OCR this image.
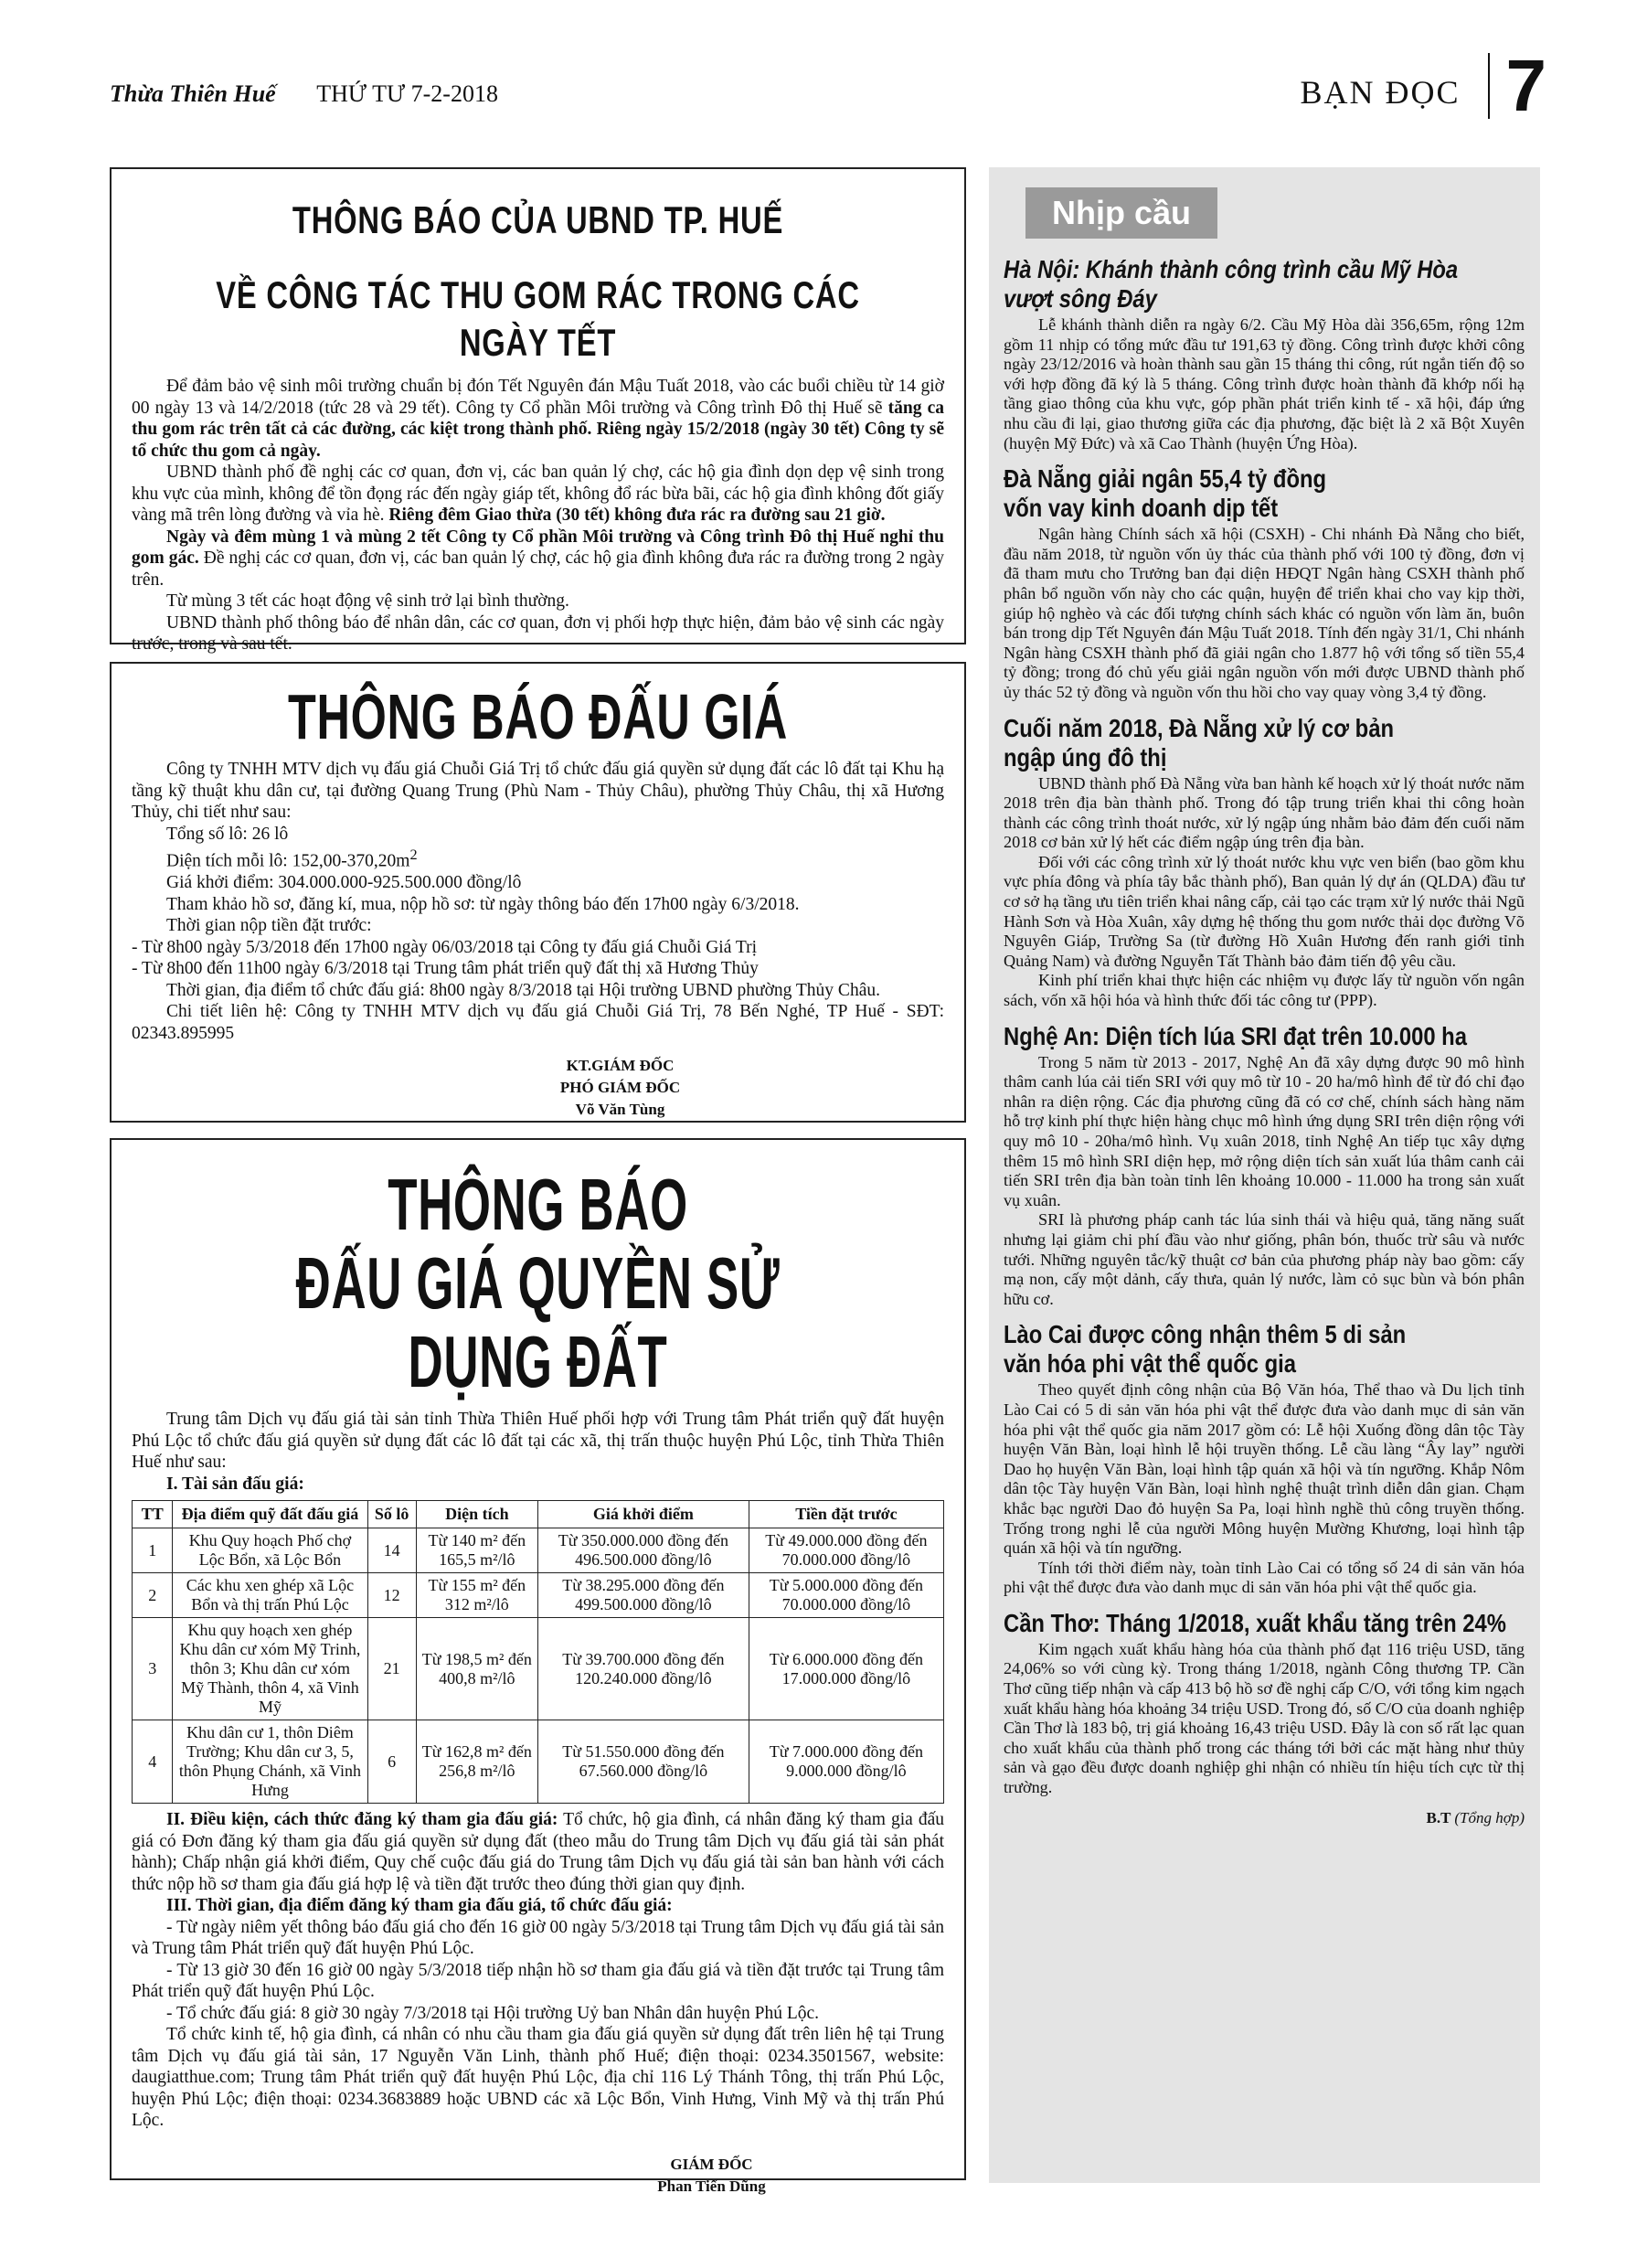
Thừa Thiên Huế THỨ TƯ 7-2-2018	BẠN ĐỌC 7
THÔNG BÁO CỦA UBND TP. HUẾ
VỀ CÔNG TÁC THU GOM RÁC TRONG CÁC NGÀY TẾT

Để đảm bảo vệ sinh môi trường chuẩn bị đón Tết Nguyên đán Mậu Tuất 2018, vào các buổi chiều từ 14 giờ 00 ngày 13 và 14/2/2018 (tức 28 và 29 tết). Công ty Cổ phần Môi trường và Công trình Đô thị Huế sẽ tăng ca thu gom rác trên tất cả các đường, các kiệt trong thành phố. Riêng ngày 15/2/2018 (ngày 30 tết) Công ty sẽ tổ chức thu gom cả ngày.

UBND thành phố đề nghị các cơ quan, đơn vị, các ban quản lý chợ, các hộ gia đình dọn dẹp vệ sinh trong khu vực của mình, không để tồn đọng rác đến ngày giáp tết, không đổ rác bừa bãi, các hộ gia đình không đốt giấy vàng mã trên lòng đường và vỉa hè. Riêng đêm Giao thừa (30 tết) không đưa rác ra đường sau 21 giờ.

Ngày và đêm mùng 1 và mùng 2 tết Công ty Cổ phần Môi trường và Công trình Đô thị Huế nghỉ thu gom gác. Đề nghị các cơ quan, đơn vị, các ban quản lý chợ, các hộ gia đình không đưa rác ra đường trong 2 ngày trên.

Từ mùng 3 tết các hoạt động vệ sinh trở lại bình thường.

UBND thành phố thông báo để nhân dân, các cơ quan, đơn vị phối hợp thực hiện, đảm bảo vệ sinh các ngày trước, trong và sau tết.

THÔNG BÁO ĐẤU GIÁ

Công ty TNHH MTV dịch vụ đấu giá Chuỗi Giá Trị tổ chức đấu giá quyền sử dụng đất các lô đất tại Khu hạ tầng kỹ thuật khu dân cư, tại đường Quang Trung (Phù Nam - Thủy Châu), phường Thủy Châu, thị xã Hương Thủy, chi tiết như sau:

Tổng số lô: 26 lô

Diện tích mỗi lô: $152,00-370,20m^2$

Giá khởi điểm: 304.000.000-925.500.000 đồng/lô

Tham khảo hồ sơ, đăng kí, mua, nộp hồ sơ: từ ngày thông báo đến 17h00 ngày 6/3/2018.

Thời gian nộp tiền đặt trước:

- Từ 8h00 ngày 5/3/2018 đến 17h00 ngày 06/03/2018 tại Công ty đấu giá Chuỗi Giá Trị

- Từ 8h00 đến 11h00 ngày 6/3/2018 tại Trung tâm phát triển quỹ đất thị xã Hương Thủy

Thời gian, địa điểm tổ chức đấu giá: 8h00 ngày 8/3/2018 tại Hội trường UBND phường Thủy Châu.

Chi tiết liên hệ: Công ty TNHH MTV dịch vụ đấu giá Chuỗi Giá Trị, 78 Bến Nghé, TP Huế - SĐT: 02343.895995

KT.GIÁM ĐỐC
PHÓ GIÁM ĐỐC
Võ Văn Tùng
THÔNG BÁO
ĐẤU GIÁ QUYỀN SỬ DỤNG ĐẤT

Trung tâm Dịch vụ đấu giá tài sản tỉnh Thừa Thiên Huế phối hợp với Trung tâm Phát triển quỹ đất huyện Phú Lộc tổ chức đấu giá quyền sử dụng đất các lô đất tại các xã, thị trấn thuộc huyện Phú Lộc, tỉnh Thừa Thiên Huế như sau:

I. Tài sản đấu giá:

TT	Địa điểm quỹ đất đấu giá	Số lô	Diện tích	Giá khởi điểm	Tiền đặt trước
1	Khu Quy hoạch Phố chợ Lộc Bổn, xã Lộc Bổn	14	Từ 140 m² đến 165,5 m²/lô	Từ 350.000.000 đồng đến 496.500.000 đồng/lô	Từ 49.000.000 đồng đến 70.000.000 đồng/lô
2	Các khu xen ghép xã Lộc Bổn và thị trấn Phú Lộc	12	Từ 155 m² đến 312 m²/lô	Từ 38.295.000 đồng đến 499.500.000 đồng/lô	Từ 5.000.000 đồng đến 70.000.000 đồng/lô
3	Khu quy hoạch xen ghép Khu dân cư xóm Mỹ Trinh, thôn 3; Khu dân cư xóm Mỹ Thành, thôn 4, xã Vinh Mỹ	21	Từ 198,5 m² đến 400,8 m²/lô	Từ 39.700.000 đồng đến 120.240.000 đồng/lô	Từ 6.000.000 đồng đến 17.000.000 đồng/lô
4	Khu dân cư 1, thôn Diêm Trường; Khu dân cư 3, 5, thôn Phụng Chánh, xã Vinh Hưng	6	Từ 162,8 m² đến 256,8 m²/lô	Từ 51.550.000 đồng đến 67.560.000 đồng/lô	Từ 7.000.000 đồng đến 9.000.000 đồng/lô

II. Điều kiện, cách thức đăng ký tham gia đấu giá: Tổ chức, hộ gia đình, cá nhân đăng ký tham gia đấu giá có Đơn đăng ký tham gia đấu giá quyền sử dụng đất (theo mẫu do Trung tâm Dịch vụ đấu giá tài sản phát hành); Chấp nhận giá khởi điểm, Quy chế cuộc đấu giá do Trung tâm Dịch vụ đấu giá tài sản ban hành với cách thức nộp hồ sơ tham gia đấu giá hợp lệ và tiền đặt trước theo đúng thời gian quy định.

III. Thời gian, địa điểm đăng ký tham gia đấu giá, tổ chức đấu giá:

- Từ ngày niêm yết thông báo đấu giá cho đến 16 giờ 00 ngày 5/3/2018 tại Trung tâm Dịch vụ đấu giá tài sản và Trung tâm Phát triển quỹ đất huyện Phú Lộc.

- Từ 13 giờ 30 đến 16 giờ 00 ngày 5/3/2018 tiếp nhận hồ sơ tham gia đấu giá và tiền đặt trước tại Trung tâm Phát triển quỹ đất huyện Phú Lộc.

- Tổ chức đấu giá: 8 giờ 30 ngày 7/3/2018 tại Hội trường Uỷ ban Nhân dân huyện Phú Lộc.

Tổ chức kinh tế, hộ gia đình, cá nhân có nhu cầu tham gia đấu giá quyền sử dụng đất trên liên hệ tại Trung tâm Dịch vụ đấu giá tài sản, 17 Nguyễn Văn Linh, thành phố Huế; điện thoại: 0234.3501567, website: daugiatthue.com; Trung tâm Phát triển quỹ đất huyện Phú Lộc, địa chỉ 116 Lý Thánh Tông, thị trấn Phú Lộc, huyện Phú Lộc; điện thoại: 0234.3683889 hoặc UBND các xã Lộc Bổn, Vinh Hưng, Vinh Mỹ và thị trấn Phú Lộc.

GIÁM ĐỐC
Phan Tiến Dũng
Nhịp cầu
Hà Nội: Khánh thành công trình cầu Mỹ Hòa
vượt sông Đáy

Lễ khánh thành diễn ra ngày 6/2. Cầu Mỹ Hòa dài 356,65m, rộng 12m gồm 11 nhịp có tổng mức đầu tư 191,63 tỷ đồng. Công trình được khởi công ngày 23/12/2016 và hoàn thành sau gần 15 tháng thi công, rút ngắn tiến độ so với hợp đồng đã ký là 5 tháng. Công trình được hoàn thành đã khớp nối hạ tầng giao thông của khu vực, góp phần phát triển kinh tế - xã hội, đáp ứng nhu cầu đi lại, giao thương giữa các địa phương, đặc biệt là 2 xã Bột Xuyên (huyện Mỹ Đức) và xã Cao Thành (huyện Ứng Hòa).

Đà Nẵng giải ngân 55,4 tỷ đồng
vốn vay kinh doanh dịp tết

Ngân hàng Chính sách xã hội (CSXH) - Chi nhánh Đà Nẵng cho biết, đầu năm 2018, từ nguồn vốn ủy thác của thành phố với 100 tỷ đồng, đơn vị đã tham mưu cho Trưởng ban đại diện HĐQT Ngân hàng CSXH thành phố phân bổ nguồn vốn này cho các quận, huyện để triển khai cho vay kịp thời, giúp hộ nghèo và các đối tượng chính sách khác có nguồn vốn làm ăn, buôn bán trong dịp Tết Nguyên đán Mậu Tuất 2018. Tính đến ngày 31/1, Chi nhánh Ngân hàng CSXH thành phố đã giải ngân cho 1.877 hộ với tổng số tiền 55,4 tỷ đồng; trong đó chủ yếu giải ngân nguồn vốn mới được UBND thành phố ủy thác 52 tỷ đồng và nguồn vốn thu hồi cho vay quay vòng 3,4 tỷ đồng.

Cuối năm 2018, Đà Nẵng xử lý cơ bản
ngập úng đô thị

UBND thành phố Đà Nẵng vừa ban hành kế hoạch xử lý thoát nước năm 2018 trên địa bàn thành phố. Trong đó tập trung triển khai thi công hoàn thành các công trình thoát nước, xử lý ngập úng nhằm bảo đảm đến cuối năm 2018 cơ bản xử lý hết các điểm ngập úng trên địa bàn.

Đối với các công trình xử lý thoát nước khu vực ven biển (bao gồm khu vực phía đông và phía tây bắc thành phố), Ban quản lý dự án (QLDA) đầu tư cơ sở hạ tầng ưu tiên triển khai nâng cấp, cải tạo các trạm xử lý nước thải Ngũ Hành Sơn và Hòa Xuân, xây dựng hệ thống thu gom nước thải dọc đường Võ Nguyên Giáp, Trường Sa (từ đường Hồ Xuân Hương đến ranh giới tỉnh Quảng Nam) và đường Nguyễn Tất Thành bảo đảm tiến độ yêu cầu.

Kinh phí triển khai thực hiện các nhiệm vụ được lấy từ nguồn vốn ngân sách, vốn xã hội hóa và hình thức đối tác công tư (PPP).

Nghệ An: Diện tích lúa SRI đạt trên 10.000 ha

Trong 5 năm từ 2013 - 2017, Nghệ An đã xây dựng được 90 mô hình thâm canh lúa cải tiến SRI với quy mô từ 10 - 20 ha/mô hình để từ đó chỉ đạo nhân ra diện rộng. Các địa phương cũng đã có cơ chế, chính sách hàng năm hỗ trợ kinh phí thực hiện hàng chục mô hình ứng dụng SRI trên diện rộng với quy mô 10 - 20ha/mô hình. Vụ xuân 2018, tỉnh Nghệ An tiếp tục xây dựng thêm 15 mô hình SRI diện hẹp, mở rộng diện tích sản xuất lúa thâm canh cải tiến SRI trên địa bàn toàn tỉnh lên khoảng 10.000 - 11.000 ha trong sản xuất vụ xuân.

SRI là phương pháp canh tác lúa sinh thái và hiệu quả, tăng năng suất nhưng lại giảm chi phí đầu vào như giống, phân bón, thuốc trừ sâu và nước tưới. Những nguyên tắc/kỹ thuật cơ bản của phương pháp này bao gồm: cấy mạ non, cấy một dảnh, cấy thưa, quản lý nước, làm cỏ sục bùn và bón phân hữu cơ.

Lào Cai được công nhận thêm 5 di sản
văn hóa phi vật thể quốc gia

Theo quyết định công nhận của Bộ Văn hóa, Thể thao và Du lịch tỉnh Lào Cai có 5 di sản văn hóa phi vật thể được đưa vào danh mục di sản văn hóa phi vật thể quốc gia năm 2017 gồm có: Lễ hội Xuống đồng dân tộc Tày huyện Văn Bàn, loại hình lễ hội truyền thống. Lễ cầu làng “Ây lay” người Dao họ huyện Văn Bàn, loại hình tập quán xã hội và tín ngưỡng. Khắp Nôm dân tộc Tày huyện Văn Bàn, loại hình nghệ thuật trình diễn dân gian. Chạm khắc bạc người Dao đỏ huyện Sa Pa, loại hình nghề thủ công truyền thống. Trống trong nghi lễ của người Mông huyện Mường Khương, loại hình tập quán xã hội và tín ngưỡng.

Tính tới thời điểm này, toàn tỉnh Lào Cai có tổng số 24 di sản văn hóa phi vật thể được đưa vào danh mục di sản văn hóa phi vật thể quốc gia.

Cần Thơ: Tháng 1/2018, xuất khẩu tăng trên 24%

Kim ngạch xuất khẩu hàng hóa của thành phố đạt 116 triệu USD, tăng 24,06% so với cùng kỳ. Trong tháng 1/2018, ngành Công thương TP. Cần Thơ cũng tiếp nhận và cấp 413 bộ hồ sơ đề nghị cấp C/O, với tổng kim ngạch xuất khẩu hàng hóa khoảng 34 triệu USD. Trong đó, số C/O của doanh nghiệp Cần Thơ là 183 bộ, trị giá khoảng 16,43 triệu USD. Đây là con số rất lạc quan cho xuất khẩu của thành phố trong các tháng tới bởi các mặt hàng như thủy sản và gạo đều được doanh nghiệp ghi nhận có nhiều tín hiệu tích cực từ thị trường.

B.T (Tổng hợp)
